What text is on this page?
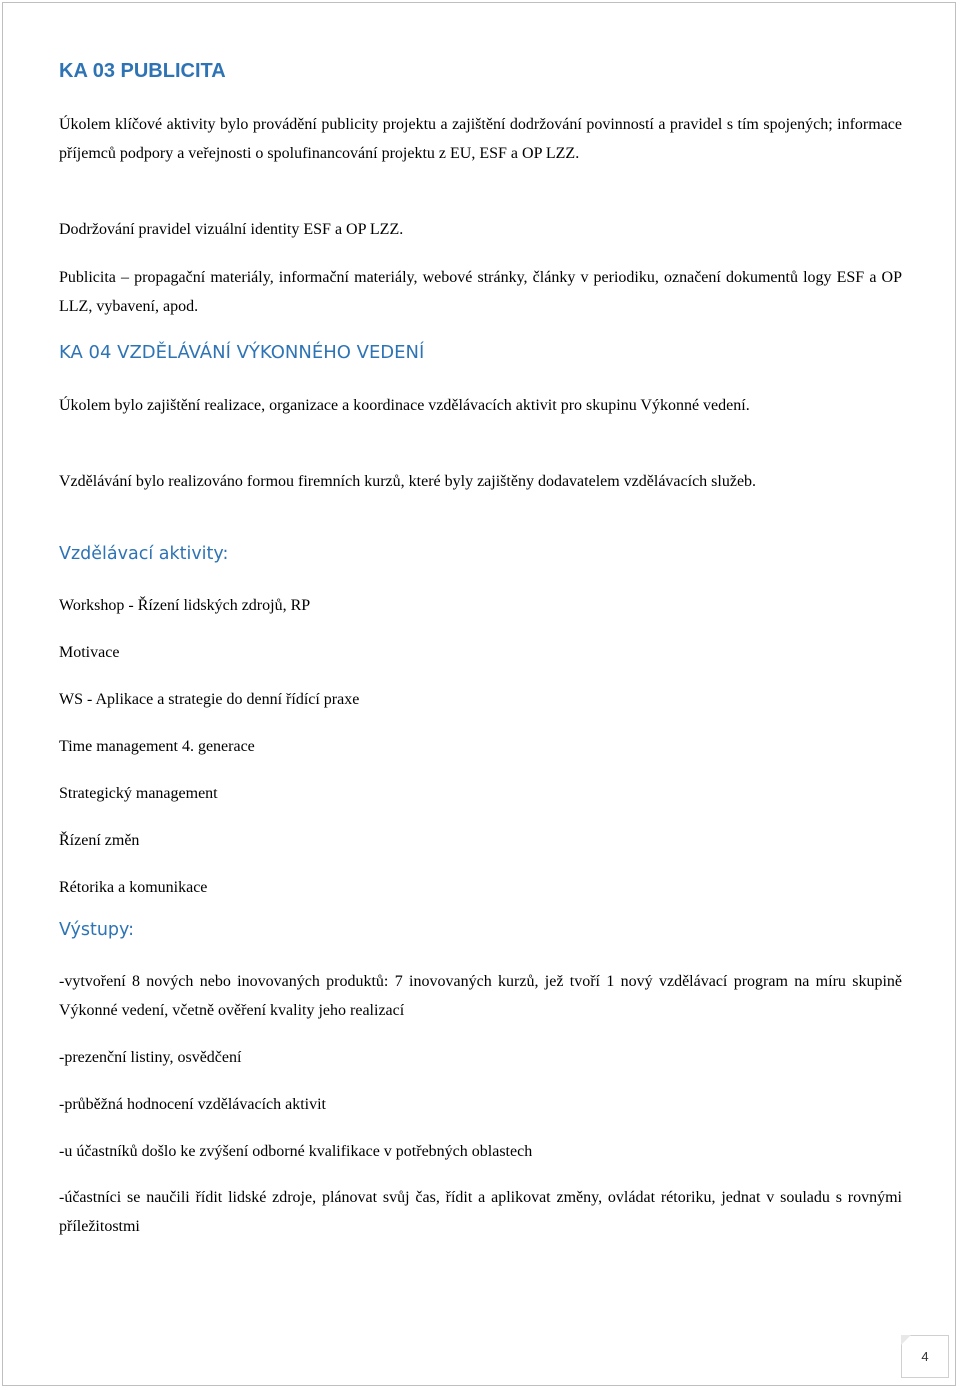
KA 03 PUBLICITA

Úkolem klíčové aktivity bylo provádění publicity projektu a zajištění dodržování povinností a pravidel s tím spojených; informace příjemců podpory a veřejnosti o spolufinancování projektu z EU, ESF a OP LZZ.

Dodržování pravidel vizuální identity ESF a OP LZZ.

Publicita – propagační materiály, informační materiály, webové stránky, články v periodiku, označení dokumentů logy ESF a OP LLZ, vybavení, apod.

KA 04 VZDĚLÁVÁNÍ VÝKONNÉHO VEDENÍ

Úkolem bylo zajištění realizace, organizace a koordinace vzdělávacích aktivit pro skupinu Výkonné vedení.

Vzdělávání bylo realizováno formou firemních kurzů, které byly zajištěny dodavatelem vzdělávacích služeb.

Vzdělávací aktivity:

Workshop - Řízení lidských zdrojů, RP

Motivace

WS - Aplikace a strategie do denní řídící praxe

Time management 4. generace

Strategický management

Řízení změn

Rétorika a komunikace

Výstupy:

-vytvoření 8 nových nebo inovovaných produktů: 7 inovovaných kurzů, jež tvoří 1 nový vzdělávací program na míru skupině Výkonné vedení, včetně ověření kvality jeho realizací

-prezenční listiny, osvědčení

-průběžná hodnocení vzdělávacích aktivit

-u účastníků došlo ke zvýšení odborné kvalifikace v potřebných oblastech

-účastníci se naučili řídit lidské zdroje, plánovat svůj čas, řídit a aplikovat změny, ovládat rétoriku, jednat v souladu s rovnými příležitostmi

4
